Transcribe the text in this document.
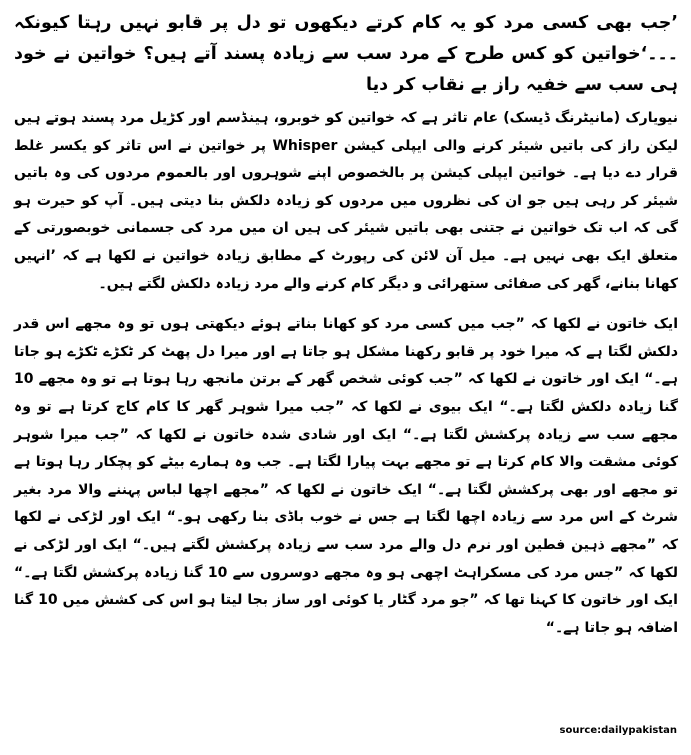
’جب بھی کسی مرد کو یہ کام کرتے دیکھوں تو دل پر قابو نہیں رہتا کیونکہ ۔۔۔‘خواتین کو کس طرح کے مرد سب سے زیادہ پسند آتے ہیں؟ خواتین نے خود ہی سب سے خفیہ راز بے نقاب کر دیا

نیویارک (مانیٹرنگ ڈیسک) عام تاثر ہے کہ خواتین کو خوبرو، ہینڈسم اور کڑیل مرد پسند ہوتے ہیں لیکن راز کی باتیں شیئر کرنے والی ایپلی کیشن Whisper پر خواتین نے اس تاثر کو یکسر غلط قرار دے دیا ہے۔ خواتین ایپلی کیشن پر بالخصوص اپنے شوہروں اور بالعموم مردوں کی وہ باتیں شیئر کر رہی ہیں جو ان کی نظروں میں مردوں کو زیادہ دلکش بنا دیتی ہیں۔ آپ کو حیرت ہو گی کہ اب تک خواتین نے جتنی بھی باتیں شیئر کی ہیں ان میں مرد کی جسمانی خوبصورتی کے متعلق ایک بھی نہیں ہے۔ میل آن لائن کی رپورٹ کے مطابق زیادہ خواتین نے لکھا ہے کہ ’انہیں کھانا بنانے، گھر کی صفائی ستھرائی و دیگر کام کرنے والے مرد زیادہ دلکش لگتے ہیں۔

ایک خاتون نے لکھا کہ ”جب میں کسی مرد کو کھانا بناتے ہوئے دیکھتی ہوں تو وہ مجھے اس قدر دلکش لگتا ہے کہ میرا خود پر قابو رکھنا مشکل ہو جاتا ہے اور میرا دل پھٹ کر ٹکڑے ٹکڑے ہو جاتا ہے۔“ ایک اور خاتون نے لکھا کہ ”جب کوئی شخص گھر کے برتن مانجھ رہا ہوتا ہے تو وہ مجھے 10 گنا زیادہ دلکش لگتا ہے۔“ ایک بیوی نے لکھا کہ ”جب میرا شوہر گھر کا کام کاج کرتا ہے تو وہ مجھے سب سے زیادہ پرکشش لگتا ہے۔“ ایک اور شادی شدہ خاتون نے لکھا کہ ”جب میرا شوہر کوئی مشقت والا کام کرتا ہے تو مجھے بہت پیارا لگتا ہے۔ جب وہ ہمارے بیٹے کو پچکار رہا ہوتا ہے تو مجھے اور بھی پرکشش لگتا ہے۔“ ایک خاتون نے لکھا کہ ”مجھے اچھا لباس پہننے والا مرد بغیر شرٹ کے اس مرد سے زیادہ اچھا لگتا ہے جس نے خوب باڈی بنا رکھی ہو۔“ ایک اور لڑکی نے لکھا کہ ”مجھے ذہین فطین اور نرم دل والے مرد سب سے زیادہ پرکشش لگتے ہیں۔“ ایک اور لڑکی نے لکھا کہ ”جس مرد کی مسکراہٹ اچھی ہو وہ مجھے دوسروں سے 10 گنا زیادہ پرکشش لگتا ہے۔“ ایک اور خاتون کا کہنا تھا کہ ”جو مرد گٹار یا کوئی اور ساز بجا لیتا ہو اس کی کشش میں 10 گنا اضافہ ہو جاتا ہے۔“

source:dailypakistan
